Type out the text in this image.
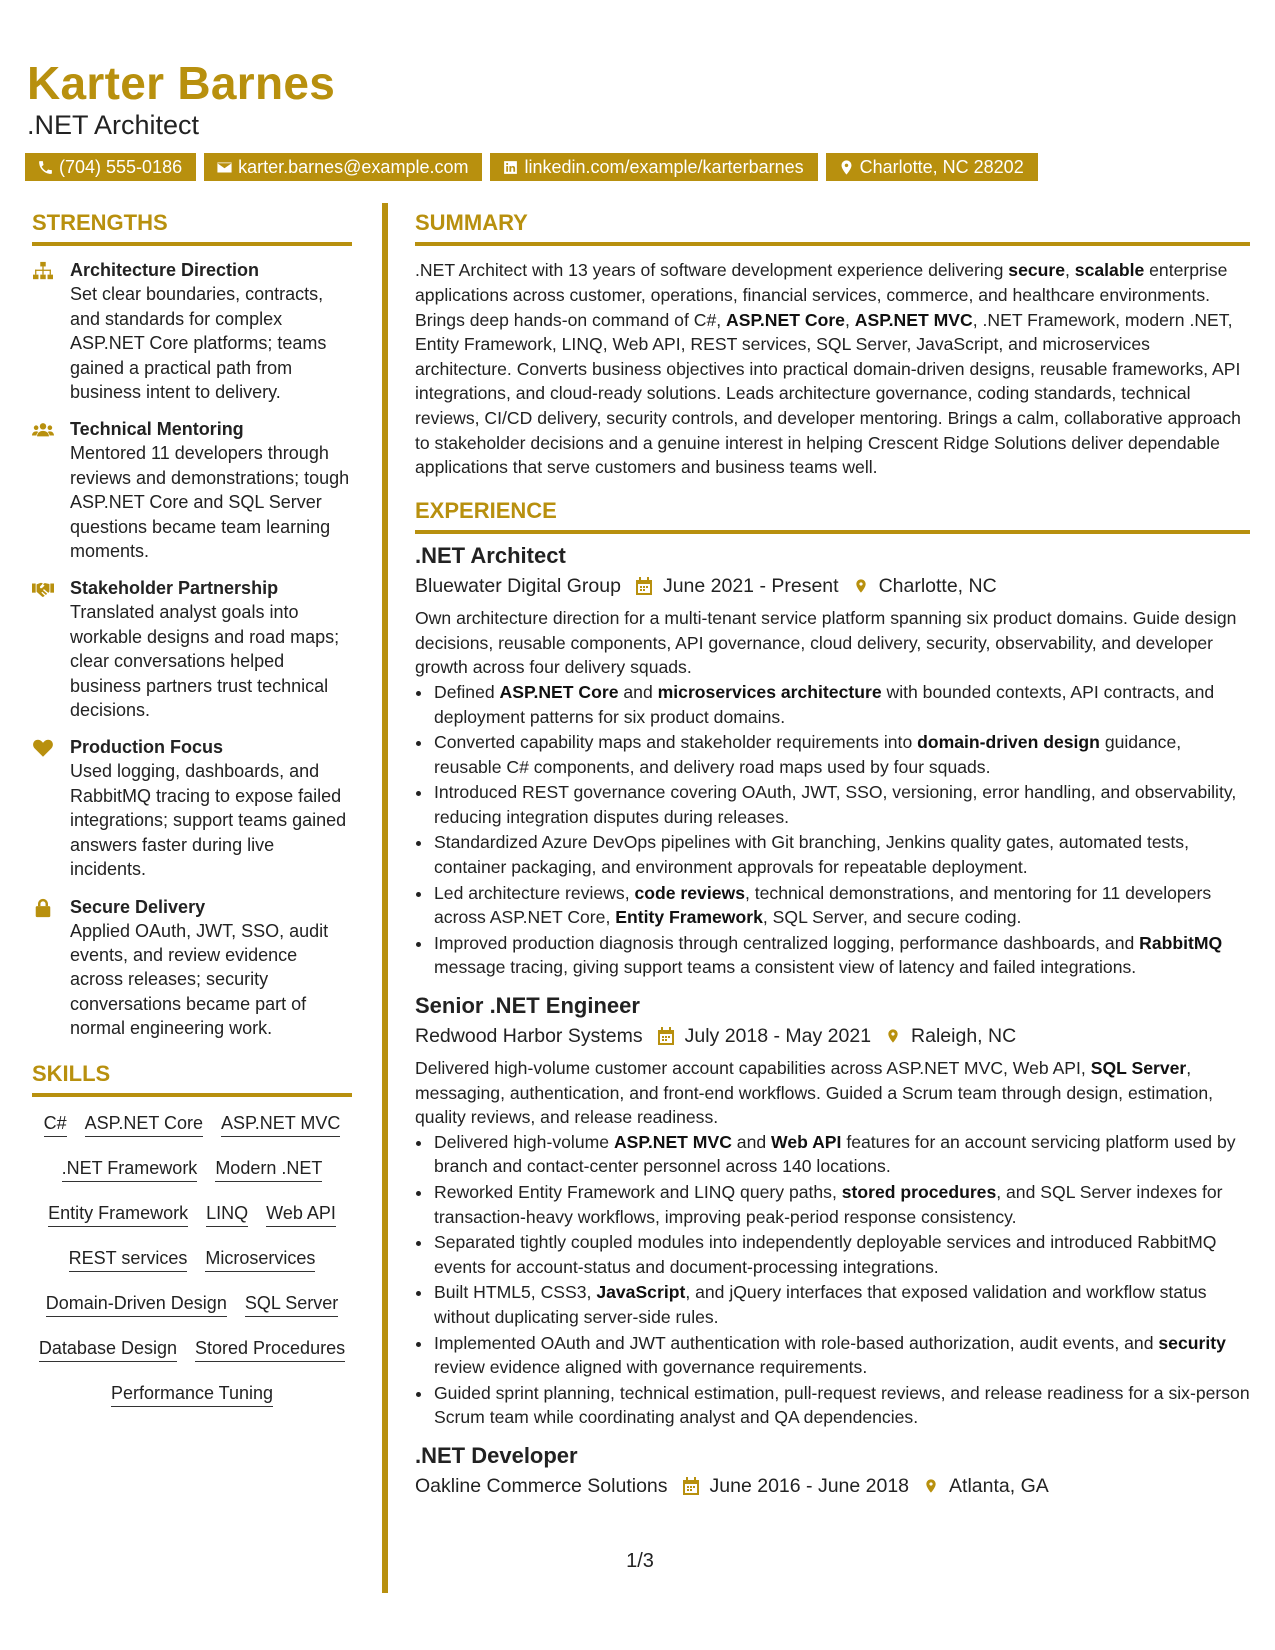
Karter Barnes
.NET Architect
(704) 555-0186	karter.barnes@example.com	linkedin.com/example/karterbarnes	Charlotte, NC 28202
STRENGTHS
Architecture Direction
Set clear boundaries, contracts, and standards for complex ASP.NET Core platforms; teams gained a practical path from business intent to delivery.
Technical Mentoring
Mentored 11 developers through reviews and demonstrations; tough ASP.NET Core and SQL Server questions became team learning moments.
Stakeholder Partnership
Translated analyst goals into workable designs and road maps; clear conversations helped business partners trust technical decisions.
Production Focus
Used logging, dashboards, and RabbitMQ tracing to expose failed integrations; support teams gained answers faster during live incidents.
Secure Delivery
Applied OAuth, JWT, SSO, audit events, and review evidence across releases; security conversations became part of normal engineering work.
SKILLS
C# ASP.NET Core ASP.NET MVC
.NET Framework Modern .NET
Entity Framework LINQ Web API
REST services Microservices
Domain-Driven Design SQL Server
Database Design Stored Procedures
Performance Tuning
SUMMARY

.NET Architect with 13 years of software development experience delivering secure, scalable enterprise applications across customer, operations, financial services, commerce, and healthcare environments. Brings deep hands-on command of C#, ASP.NET Core, ASP.NET MVC, .NET Framework, modern .NET, Entity Framework, LINQ, Web API, REST services, SQL Server, JavaScript, and microservices architecture. Converts business objectives into practical domain-driven designs, reusable frameworks, API integrations, and cloud-ready solutions. Leads architecture governance, coding standards, technical reviews, CI/CD delivery, security controls, and developer mentoring. Brings a calm, collaborative approach to stakeholder decisions and a genuine interest in helping Crescent Ridge Solutions deliver dependable applications that serve customers and business teams well.

EXPERIENCE
.NET Architect
Bluewater Digital Group June 2021 - Present Charlotte, NC

Own architecture direction for a multi-tenant service platform spanning six product domains. Guide design decisions, reusable components, API governance, cloud delivery, security, observability, and developer growth across four delivery squads.

• Defined ASP.NET Core and microservices architecture with bounded contexts, API contracts, and deployment patterns for six product domains.
• Converted capability maps and stakeholder requirements into domain-driven design guidance, reusable C# components, and delivery road maps used by four squads.
• Introduced REST governance covering OAuth, JWT, SSO, versioning, error handling, and observability, reducing integration disputes during releases.
• Standardized Azure DevOps pipelines with Git branching, Jenkins quality gates, automated tests, container packaging, and environment approvals for repeatable deployment.
• Led architecture reviews, code reviews, technical demonstrations, and mentoring for 11 developers across ASP.NET Core, Entity Framework, SQL Server, and secure coding.
• Improved production diagnosis through centralized logging, performance dashboards, and RabbitMQ message tracing, giving support teams a consistent view of latency and failed integrations.
Senior .NET Engineer
Redwood Harbor Systems July 2018 - May 2021 Raleigh, NC

Delivered high-volume customer account capabilities across ASP.NET MVC, Web API, SQL Server, messaging, authentication, and front-end workflows. Guided a Scrum team through design, estimation, quality reviews, and release readiness.

• Delivered high-volume ASP.NET MVC and Web API features for an account servicing platform used by branch and contact-center personnel across 140 locations.
• Reworked Entity Framework and LINQ query paths, stored procedures, and SQL Server indexes for transaction-heavy workflows, improving peak-period response consistency.
• Separated tightly coupled modules into independently deployable services and introduced RabbitMQ events for account-status and document-processing integrations.
• Built HTML5, CSS3, JavaScript, and jQuery interfaces that exposed validation and workflow status without duplicating server-side rules.
• Implemented OAuth and JWT authentication with role-based authorization, audit events, and security review evidence aligned with governance requirements.
• Guided sprint planning, technical estimation, pull-request reviews, and release readiness for a six-person Scrum team while coordinating analyst and QA dependencies.
.NET Developer
Oakline Commerce Solutions June 2016 - June 2018 Atlanta, GA
1/3
